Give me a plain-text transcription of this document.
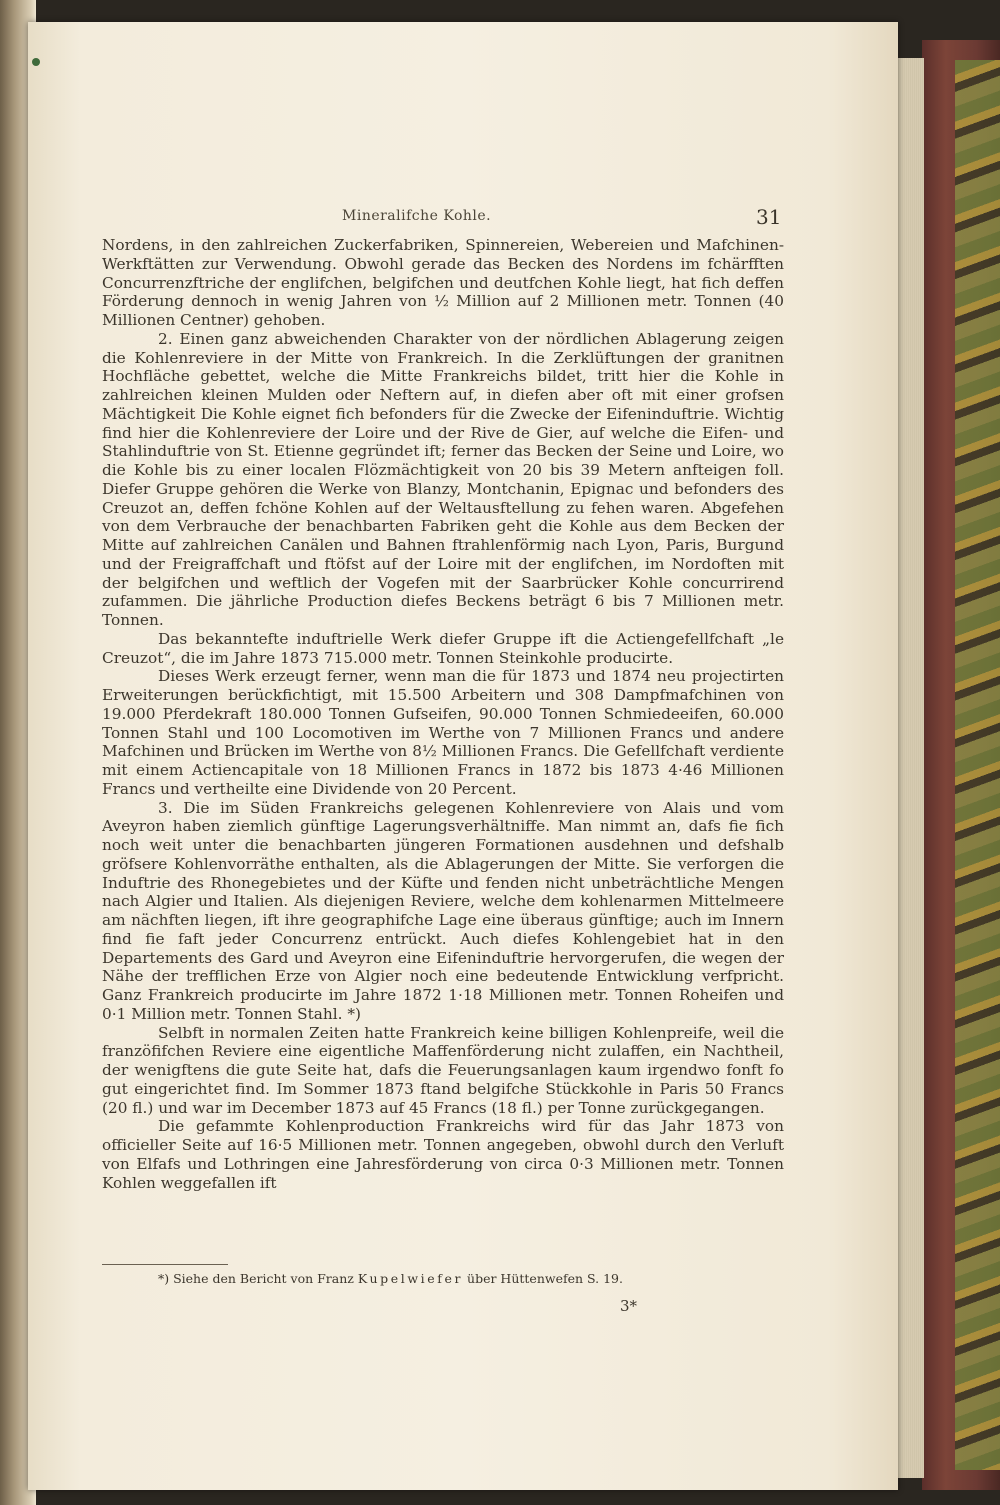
Mineralifche Kohle.	31

Nordens, in den zahlreichen Zuckerfabriken, Spinnereien, Webereien und Mafchinen-Werkftätten zur Verwendung. Obwohl gerade das Becken des Nordens im fchärfften Concurrenzftriche der englifchen, belgifchen und deutfchen Kohle liegt, hat fich deffen Förderung dennoch in wenig Jahren von ½ Million auf 2 Millionen metr. Tonnen (40 Millionen Centner) gehoben.

2. Einen ganz abweichenden Charakter von der nördlichen Ablagerung zeigen die Kohlenreviere in der Mitte von Frankreich. In die Zerklüftungen der granitnen Hochfläche gebettet, welche die Mitte Frankreichs bildet, tritt hier die Kohle in zahlreichen kleinen Mulden oder Neftern auf, in diefen aber oft mit einer grofsen Mächtigkeit Die Kohle eignet fich befonders für die Zwecke der Eifeninduftrie. Wichtig find hier die Kohlenreviere der Loire und der Rive de Gier, auf welche die Eifen- und Stahlinduftrie von St. Etienne gegründet ift; ferner das Becken der Seine und Loire, wo die Kohle bis zu einer localen Flözmächtigkeit von 20 bis 39 Metern anfteigen foll. Diefer Gruppe gehören die Werke von Blanzy, Montchanin, Epignac und befonders des Creuzot an, deffen fchöne Kohlen auf der Weltausftellung zu fehen waren. Abgefehen von dem Verbrauche der benachbarten Fabriken geht die Kohle aus dem Becken der Mitte auf zahlreichen Canälen und Bahnen ftrahlenförmig nach Lyon, Paris, Burgund und der Freigraffchaft und ftöfst auf der Loire mit der englifchen, im Nordoften mit der belgifchen und weftlich der Vogefen mit der Saarbrücker Kohle concurrirend zufammen. Die jährliche Production diefes Beckens beträgt 6 bis 7 Millionen metr. Tonnen.

Das bekanntefte induftrielle Werk diefer Gruppe ift die Actiengefellfchaft „le Creuzot“, die im Jahre 1873 715.000 metr. Tonnen Steinkohle producirte.

Dieses Werk erzeugt ferner, wenn man die für 1873 und 1874 neu projectirten Erweiterungen berückfichtigt, mit 15.500 Arbeitern und 308 Dampfmafchinen von 19.000 Pferdekraft 180.000 Tonnen Gufseifen, 90.000 Tonnen Schmiedeeifen, 60.000 Tonnen Stahl und 100 Locomotiven im Werthe von 7 Millionen Francs und andere Mafchinen und Brücken im Werthe von 8½ Millionen Francs. Die Gefellfchaft verdiente mit einem Actiencapitale von 18 Millionen Francs in 1872 bis 1873 4·46 Millionen Francs und vertheilte eine Dividende von 20 Percent.

3. Die im Süden Frankreichs gelegenen Kohlenreviere von Alais und vom Aveyron haben ziemlich günftige Lagerungsverhältniffe. Man nimmt an, dafs fie fich noch weit unter die benachbarten jüngeren Formationen ausdehnen und defshalb gröfsere Kohlenvorräthe enthalten, als die Ablagerungen der Mitte. Sie verforgen die Induftrie des Rhonegebietes und der Küfte und fenden nicht unbeträchtliche Mengen nach Algier und Italien. Als diejenigen Reviere, welche dem kohlenarmen Mittelmeere am nächften liegen, ift ihre geographifche Lage eine überaus günftige; auch im Innern find fie faft jeder Concurrenz entrückt. Auch diefes Kohlengebiet hat in den Departements des Gard und Aveyron eine Eifeninduftrie hervorgerufen, die wegen der Nähe der trefflichen Erze von Algier noch eine bedeutende Entwicklung verfpricht. Ganz Frankreich producirte im Jahre 1872 1·18 Millionen metr. Tonnen Roheifen und 0·1 Million metr. Tonnen Stahl. *)

Selbft in normalen Zeiten hatte Frankreich keine billigen Kohlenpreife, weil die franzöfifchen Reviere eine eigentliche Maffenförderung nicht zulaffen, ein Nachtheil, der wenigftens die gute Seite hat, dafs die Feuerungsanlagen kaum irgendwo fonft fo gut eingerichtet find. Im Sommer 1873 ftand belgifche Stückkohle in Paris 50 Francs (20 fl.) und war im December 1873 auf 45 Francs (18 fl.) per Tonne zurückgegangen.

Die gefammte Kohlenproduction Frankreichs wird für das Jahr 1873 von officieller Seite auf 16·5 Millionen metr. Tonnen angegeben, obwohl durch den Verluft von Elfafs und Lothringen eine Jahresförderung von circa 0·3 Millionen metr. Tonnen Kohlen weggefallen ift

*) Siehe den Bericht von Franz Kupelwiefer über Hüttenwefen S. 19.
3*
